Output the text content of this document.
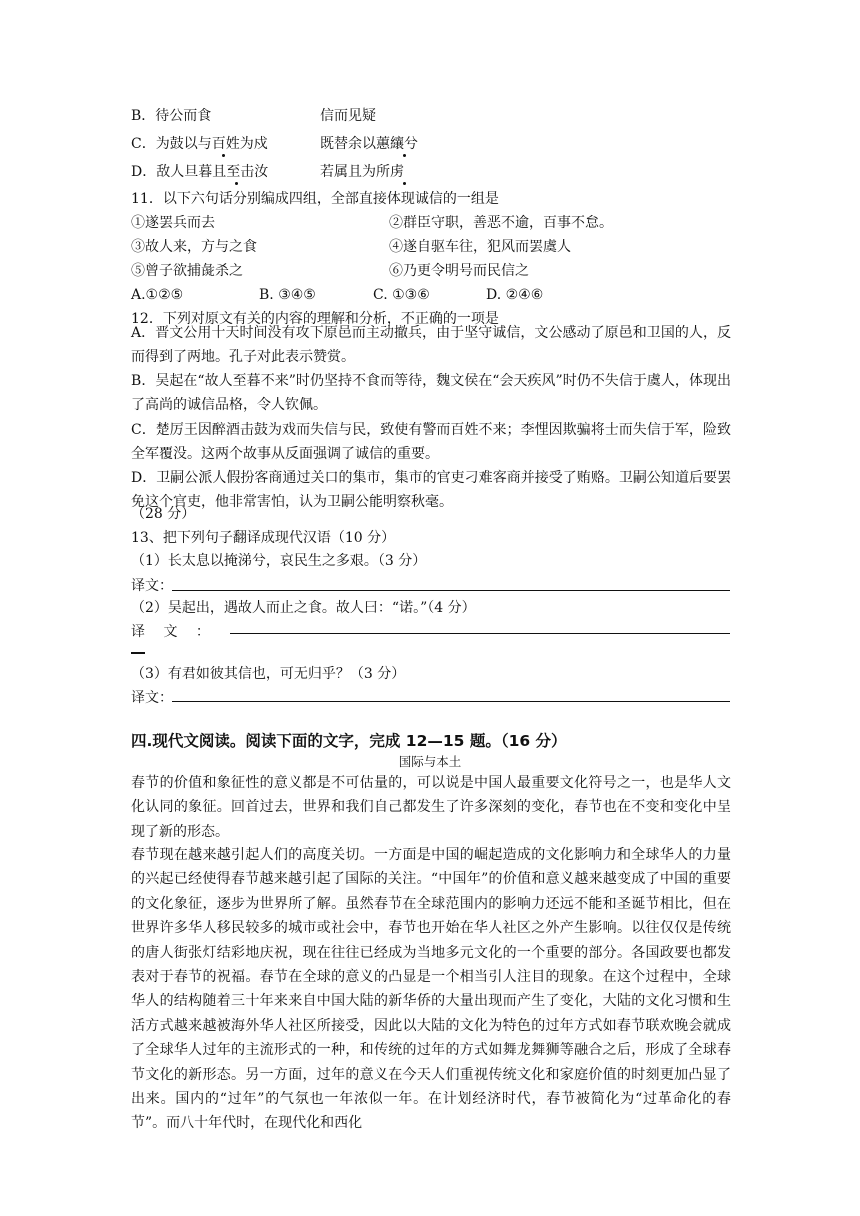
B．待公而食	信而见疑
C．为鼓以与百姓为戍	既替余以蕙纕兮
D．敌人旦暮且至击汝	若属且为所虏
11．以下六句话分别编成四组，全部直接体现诚信的一组是
①遂罢兵而去	②群臣守职，善恶不逾，百事不怠。
③故人来，方与之食	④遂自驱车往，犯风而罢虞人
⑤曾子欲捕彘杀之	⑥乃更令明号而民信之
A.①②⑤	B. ③④⑤	C. ①③⑥	D. ②④⑥
12．下列对原文有关的内容的理解和分析，不正确的一项是
A．晋文公用十天时间没有攻下原邑而主动撤兵，由于坚守诚信，文公感动了原邑和卫国的人，反而得到了两地。孔子对此表示赞赏。
B．吴起在“故人至暮不来”时仍坚持不食而等待，魏文侯在“会天疾风”时仍不失信于虞人，体现出了高尚的诚信品格，令人钦佩。
C．楚厉王因醉酒击鼓为戏而失信与民，致使有警而百姓不来；李悝因欺骗将士而失信于军，险致全军覆没。这两个故事从反面强调了诚信的重要。
D．卫嗣公派人假扮客商通过关口的集市，集市的官吏刁难客商并接受了贿赂。卫嗣公知道后要罢免这个官吏，他非常害怕，认为卫嗣公能明察秋毫。
（28 分）
13、把下列句子翻译成现代汉语（10 分）
（1）长太息以掩涕兮，哀民生之多艰。（3 分）
译文：
（2）吴起出，遇故人而止之食。故人曰：“诺。”（4 分）
译　 文　 ：
（3）有君如彼其信也，可无归乎？（3 分）
译文：
四.现代文阅读。阅读下面的文字，完成 12—15 题。（16 分）
国际与本土
春节的价值和象征性的意义都是不可估量的，可以说是中国人最重要文化符号之一，也是华人文化认同的象征。回首过去，世界和我们自己都发生了许多深刻的变化，春节也在不变和变化中呈现了新的形态。
春节现在越来越引起人们的高度关切。一方面是中国的崛起造成的文化影响力和全球华人的力量的兴起已经使得春节越来越引起了国际的关注。“中国年”的价值和意义越来越变成了中国的重要的文化象征，逐步为世界所了解。虽然春节在全球范围内的影响力还远不能和圣诞节相比，但在世界许多华人移民较多的城市或社会中，春节也开始在华人社区之外产生影响。以往仅仅是传统的唐人街张灯结彩地庆祝，现在往往已经成为当地多元文化的一个重要的部分。各国政要也都发表对于春节的祝福。春节在全球的意义的凸显是一个相当引人注目的现象。在这个过程中，全球华人的结构随着三十年来来自中国大陆的新华侨的大量出现而产生了变化，大陆的文化习惯和生活方式越来越被海外华人社区所接受，因此以大陆的文化为特色的过年方式如春节联欢晚会就成了全球华人过年的主流形式的一种，和传统的过年的方式如舞龙舞狮等融合之后，形成了全球春节文化的新形态。另一方面，过年的意义在今天人们重视传统文化和家庭价值的时刻更加凸显了出来。国内的“过年”的气氛也一年浓似一年。在计划经济时代，春节被简化为“过革命化的春节”。而八十年代时，在现代化和西化
